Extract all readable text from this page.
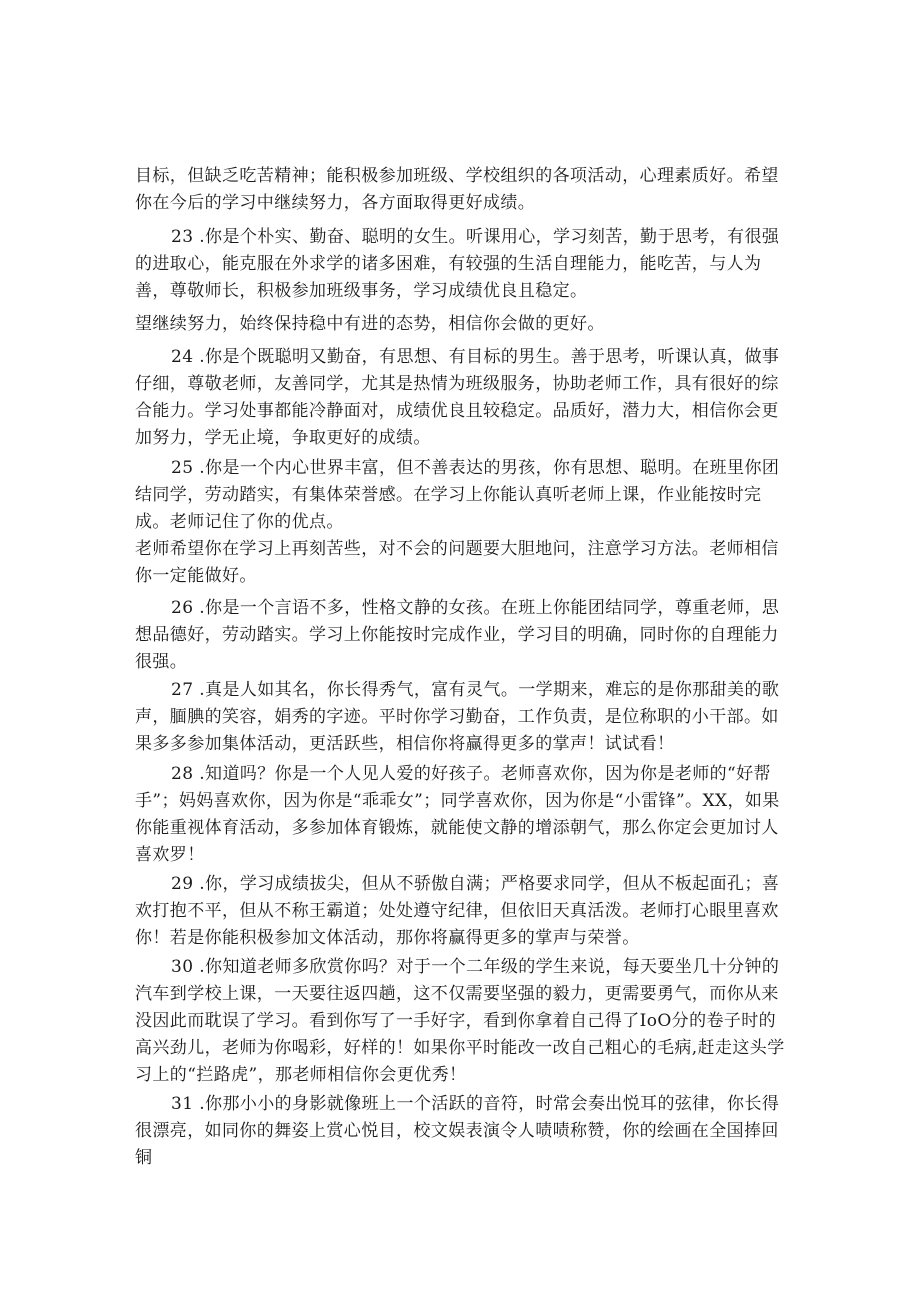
目标，但缺乏吃苦精神；能积极参加班级、学校组织的各项活动，心理素质好。希望你在今后的学习中继续努力，各方面取得更好成绩。

23 .你是个朴实、勤奋、聪明的女生。听课用心，学习刻苦，勤于思考，有很强的进取心，能克服在外求学的诸多困难，有较强的生活自理能力，能吃苦，与人为善，尊敬师长，积极参加班级事务，学习成绩优良且稳定。

望继续努力，始终保持稳中有进的态势，相信你会做的更好。

24 .你是个既聪明又勤奋，有思想、有目标的男生。善于思考，听课认真，做事仔细，尊敬老师，友善同学，尤其是热情为班级服务，协助老师工作，具有很好的综合能力。学习处事都能冷静面对，成绩优良且较稳定。品质好，潜力大，相信你会更加努力，学无止境，争取更好的成绩。

25 .你是一个内心世界丰富，但不善表达的男孩，你有思想、聪明。在班里你团结同学，劳动踏实，有集体荣誉感。在学习上你能认真听老师上课，作业能按时完成。老师记住了你的优点。

老师希望你在学习上再刻苦些，对不会的问题要大胆地问，注意学习方法。老师相信你一定能做好。

26 .你是一个言语不多，性格文静的女孩。在班上你能团结同学，尊重老师，思想品德好，劳动踏实。学习上你能按时完成作业，学习目的明确，同时你的自理能力很强。

27 .真是人如其名，你长得秀气，富有灵气。一学期来，难忘的是你那甜美的歌声，腼腆的笑容，娟秀的字迹。平时你学习勤奋，工作负责，是位称职的小干部。如果多多参加集体活动，更活跃些，相信你将赢得更多的掌声！试试看！

28 .知道吗？你是一个人见人爱的好孩子。老师喜欢你，因为你是老师的“好帮手”；妈妈喜欢你，因为你是“乖乖女”；同学喜欢你，因为你是“小雷锋”。XX，如果你能重视体育活动，多参加体育锻炼，就能使文静的增添朝气，那么你定会更加讨人喜欢罗！

29 .你，学习成绩拔尖，但从不骄傲自满；严格要求同学，但从不板起面孔；喜欢打抱不平，但从不称王霸道；处处遵守纪律，但依旧天真活泼。老师打心眼里喜欢你！若是你能积极参加文体活动，那你将赢得更多的掌声与荣誉。

30 .你知道老师多欣赏你吗？对于一个二年级的学生来说，每天要坐几十分钟的汽车到学校上课，一天要往返四趟，这不仅需要坚强的毅力，更需要勇气，而你从来没因此而耽误了学习。看到你写了一手好字，看到你拿着自己得了IoO分的卷子时的高兴劲儿，老师为你喝彩，好样的！如果你平时能改一改自己粗心的毛病,赶走这头学习上的“拦路虎”，那老师相信你会更优秀！

31 .你那小小的身影就像班上一个活跃的音符，时常会奏出悦耳的弦律，你长得很漂亮，如同你的舞姿上赏心悦目，校文娱表演令人啧啧称赞，你的绘画在全国捧回铜
